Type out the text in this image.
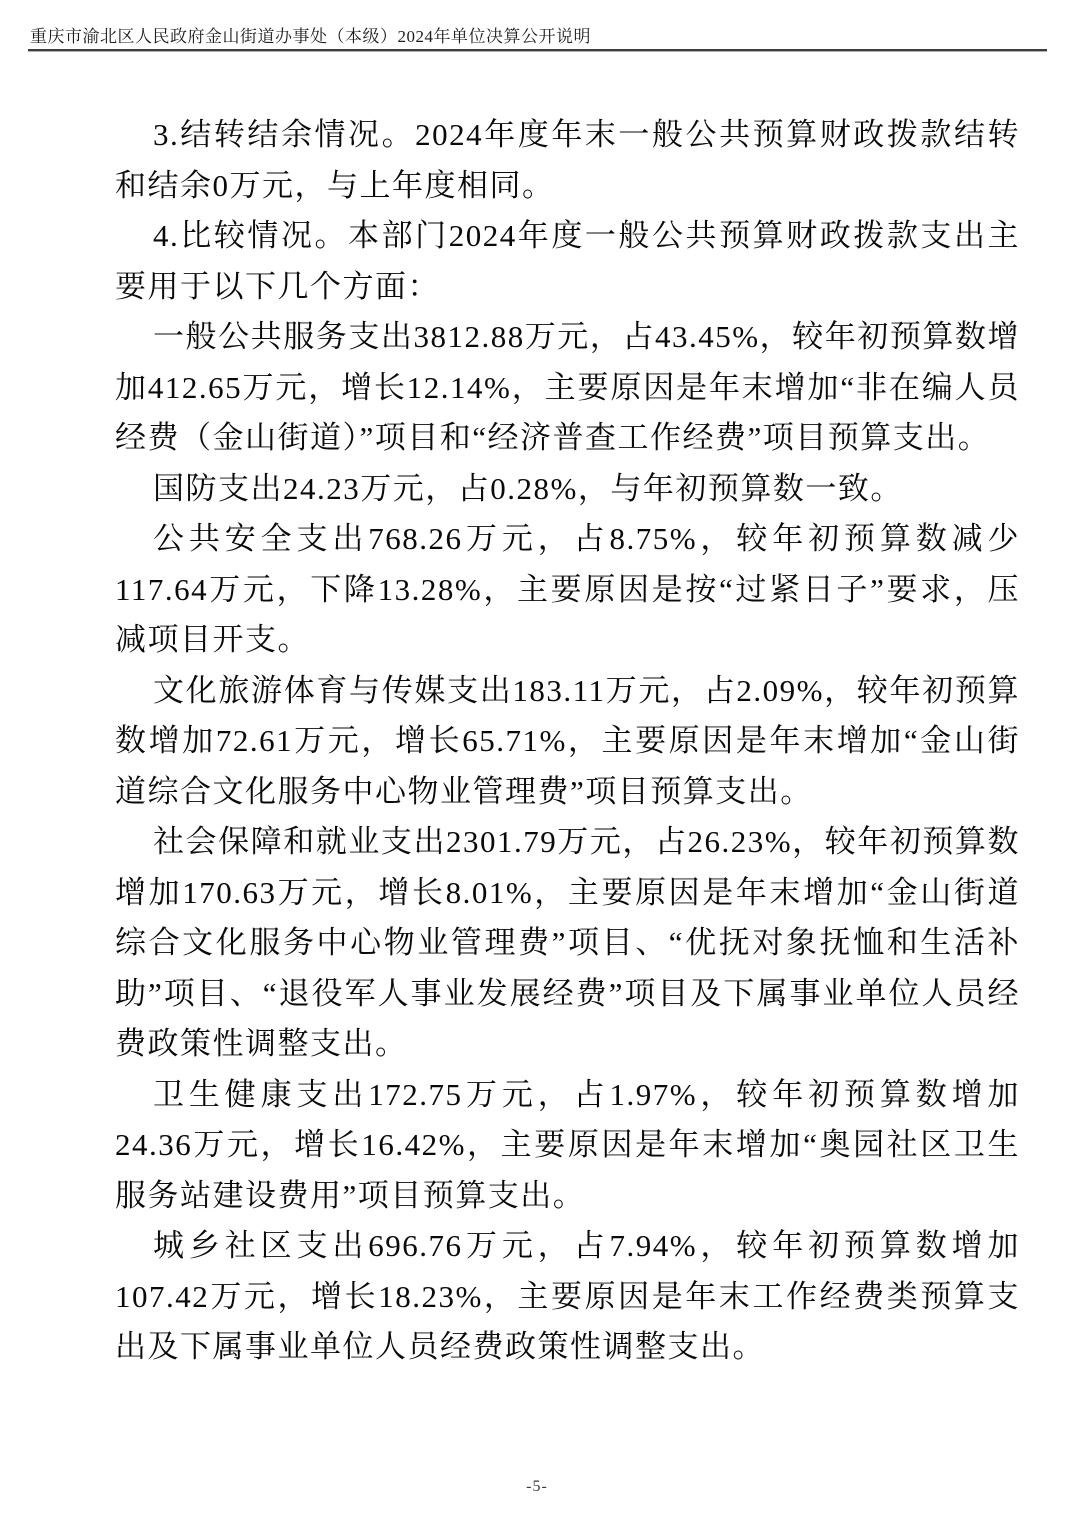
重庆市渝北区人民政府金山街道办事处（本级）2024年单位决算公开说明

3.结转结余情况。2024年度年末一般公共预算财政拨款结转和结余0万元，与上年度相同。

4.比较情况。本部门2024年度一般公共预算财政拨款支出主要用于以下几个方面：

一般公共服务支出3812.88万元，占43.45%，较年初预算数增加412.65万元，增长12.14%，主要原因是年末增加“非在编人员经费（金山街道）”项目和“经济普查工作经费”项目预算支出。

国防支出24.23万元，占0.28%，与年初预算数一致。

公共安全支出768.26万元，占8.75%，较年初预算数减少117.64万元，下降13.28%，主要原因是按“过紧日子”要求，压减项目开支。

文化旅游体育与传媒支出183.11万元，占2.09%，较年初预算数增加72.61万元，增长65.71%，主要原因是年末增加“金山街道综合文化服务中心物业管理费”项目预算支出。

社会保障和就业支出2301.79万元，占26.23%，较年初预算数增加170.63万元，增长8.01%，主要原因是年末增加“金山街道综合文化服务中心物业管理费”项目、“优抚对象抚恤和生活补助”项目、“退役军人事业发展经费”项目及下属事业单位人员经费政策性调整支出。

卫生健康支出172.75万元，占1.97%，较年初预算数增加24.36万元，增长16.42%，主要原因是年末增加“奥园社区卫生服务站建设费用”项目预算支出。

城乡社区支出696.76万元，占7.94%，较年初预算数增加107.42万元，增长18.23%，主要原因是年末工作经费类预算支出及下属事业单位人员经费政策性调整支出。

-5-
